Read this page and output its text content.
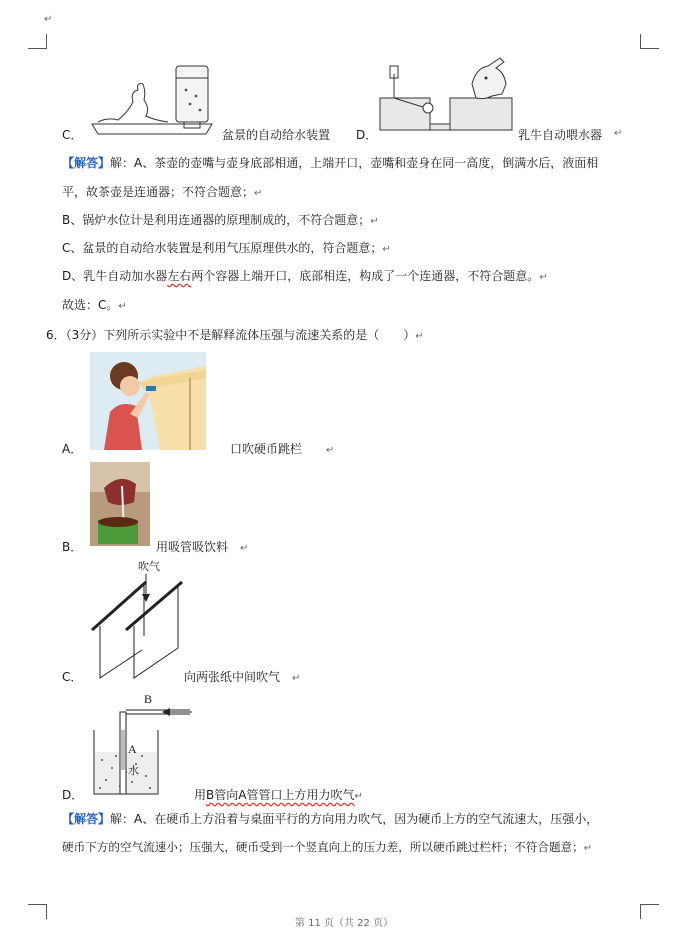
↵
C．	盆景的自动给水装置 D．	乳牛自动喂水器 ↵
【解答】解：A、茶壶的壶嘴与壶身底部相通，上端开口，壶嘴和壶身在同一高度，倒满水后，液面相
平，故茶壶是连通器；不符合题意；↵
B、锅炉水位计是利用连通器的原理制成的，不符合题意；↵
C、盆景的自动给水装置是利用气压原理供水的，符合题意；↵
D、乳牛自动加水器左右两个容器上端开口，底部相连，构成了一个连通器，不符合题意。↵
故选：C。↵
6．（3分）下列所示实验中不是解释流体压强与流速关系的是（　　）↵
A．	口吹硬币跳栏　　 ↵
B．	用吸管吸饮料　 ↵
吹气
C．	向两张纸中间吹气　 ↵
B
A
水
D．	用B管向A管管口上方用力吹气↵
【解答】解：A、在硬币上方沿着与桌面平行的方向用力吹气，因为硬币上方的空气流速大，压强小，
硬币下方的空气流速小；压强大，硬币受到一个竖直向上的压力差，所以硬币跳过栏杆；不符合题意；↵
第 11 页（共 22 页）
